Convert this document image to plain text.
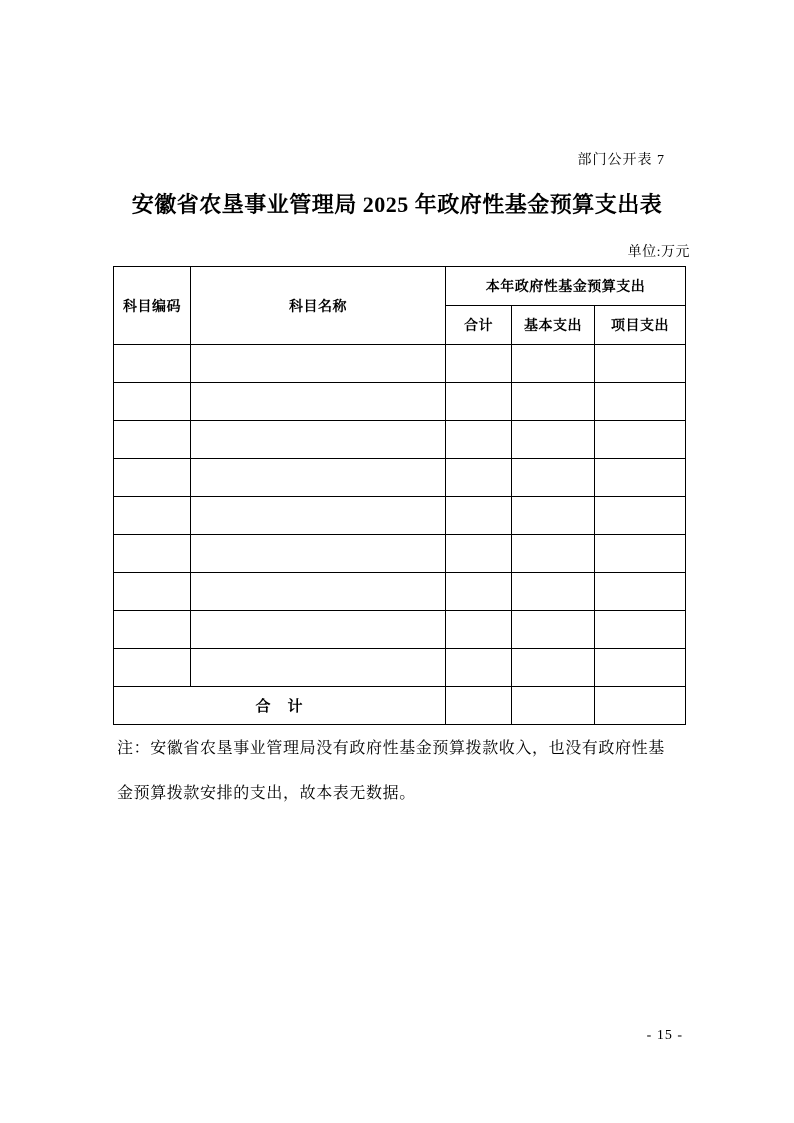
部门公开表 7
安徽省农垦事业管理局 2025 年政府性基金预算支出表
单位:万元
科目编码	科目名称	本年政府性基金预算支出		
		合计	基本支出	项目支出

合　计				
注：安徽省农垦事业管理局没有政府性基金预算拨款收入，也没有政府性基
金预算拨款安排的支出，故本表无数据。
- 15 -
